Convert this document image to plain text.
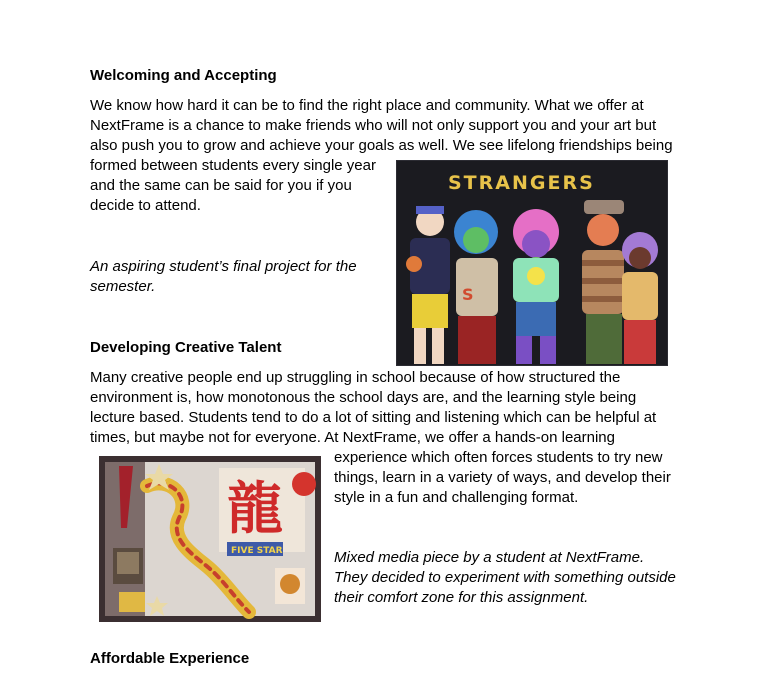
Welcoming and Accepting
We know how hard it can be to find the right place and community. What we offer at
NextFrame is a chance to make friends who will not only support you and your art but
also push you to grow and achieve your goals as well. We see lifelong friendships being
formed between students every single year
and the same can be said for you if you
decide to attend.
An aspiring student’s final project for the
semester.
STRANGERS
S
Developing Creative Talent
Many creative people end up struggling in school because of how structured the
environment is, how monotonous the school days are, and the learning style being
lecture based. Students tend to do a lot of sitting and listening which can be helpful at
times, but maybe not for everyone. At NextFrame, we offer a hands-on learning
experience which often forces students to try new
things, learn in a variety of ways, and develop their
style in a fun and challenging format.
Mixed media piece by a student at NextFrame.
They decided to experiment with something outside
their comfort zone for this assignment.
龍
FIVE STAR
Affordable Experience
